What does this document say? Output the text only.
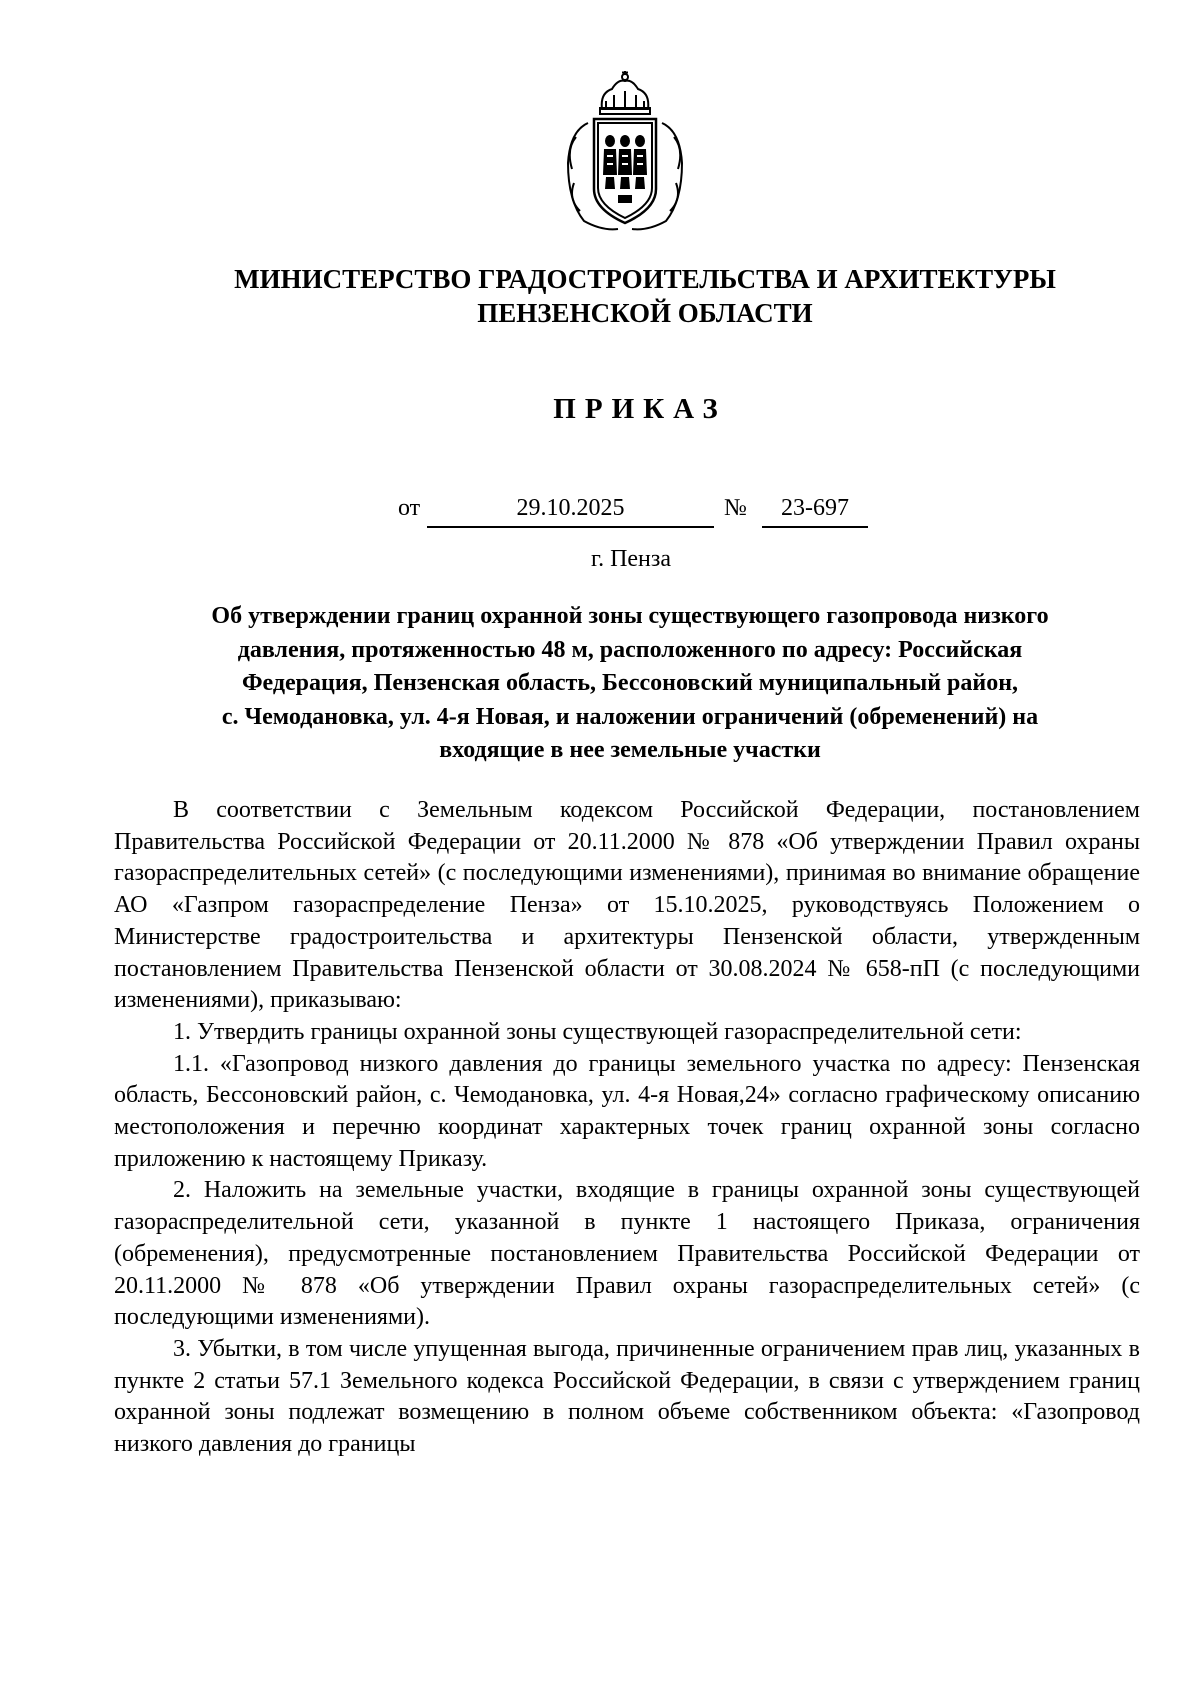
МИНИСТЕРСТВО ГРАДОСТРОИТЕЛЬСТВА И АРХИТЕКТУРЫ
ПЕНЗЕНСКОЙ ОБЛАСТИ
ПРИКАЗ
от	29.10.2025	№	23-697
г. Пенза
Об утверждении границ охранной зоны существующего газопровода низкого
давления, протяженностью 48 м, расположенного по адресу: Российская
Федерация, Пензенская область, Бессоновский муниципальный район,
с. Чемодановка, ул. 4-я Новая, и наложении ограничений (обременений) на
входящие в нее земельные участки

В соответствии с Земельным кодексом Российской Федерации, постановлением Правительства Российской Федерации от 20.11.2000 № 878 «Об утверждении Правил охраны газораспределительных сетей» (с последующими изменениями), принимая во внимание обращение АО «Газпром газораспределение Пенза» от 15.10.2025, руководствуясь Положением о Министерстве градостроительства и архитектуры Пензенской области, утвержденным постановлением Правительства Пензенской области от 30.08.2024 № 658-пП (с последующими изменениями), приказываю:

1. Утвердить границы охранной зоны существующей газораспределительной сети:

1.1. «Газопровод низкого давления до границы земельного участка по адресу: Пензенская область, Бессоновский район, с. Чемодановка, ул. 4-я Новая,24» согласно графическому описанию местоположения и перечню координат характерных точек границ охранной зоны согласно приложению к настоящему Приказу.

2. Наложить на земельные участки, входящие в границы охранной зоны существующей газораспределительной сети, указанной в пункте 1 настоящего Приказа, ограничения (обременения), предусмотренные постановлением Правительства Российской Федерации от 20.11.2000 № 878 «Об утверждении Правил охраны газораспределительных сетей» (с последующими изменениями).

3. Убытки, в том числе упущенная выгода, причиненные ограничением прав лиц, указанных в пункте 2 статьи 57.1 Земельного кодекса Российской Федерации, в связи с утверждением границ охранной зоны подлежат возмещению в полном объеме собственником объекта: «Газопровод низкого давления до границы
